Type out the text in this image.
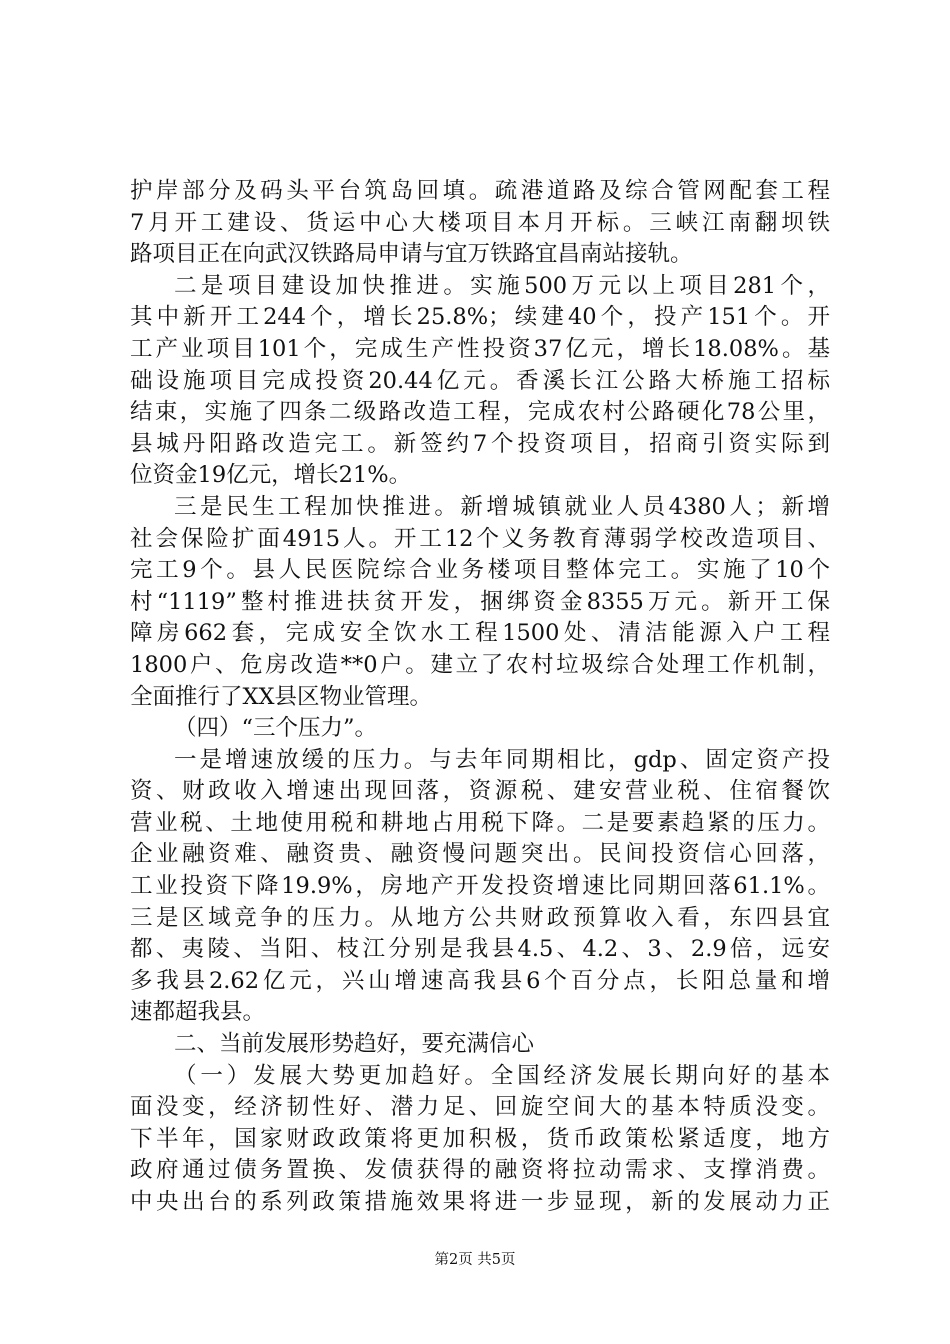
护岸部分及码头平台筑岛回填。疏港道路及综合管网配套工程
7月开工建设、货运中心大楼项目本月开标。三峡江南翻坝铁
路项目正在向武汉铁路局申请与宜万铁路宜昌南站接轨。
二是项目建设加快推进。实施500万元以上项目281个，
其中新开工244个，增长25.8%；续建40个，投产151个。开
工产业项目101个，完成生产性投资37亿元，增长18.08%。基
础设施项目完成投资20.44亿元。香溪长江公路大桥施工招标
结束，实施了四条二级路改造工程，完成农村公路硬化78公里，
县城丹阳路改造完工。新签约7个投资项目，招商引资实际到
位资金19亿元，增长21%。
三是民生工程加快推进。新增城镇就业人员4380人；新增
社会保险扩面4915人。开工12个义务教育薄弱学校改造项目、
完工9个。县人民医院综合业务楼项目整体完工。实施了10个
村“1119”整村推进扶贫开发，捆绑资金8355万元。新开工保
障房662套，完成安全饮水工程1500处、清洁能源入户工程
1800户、危房改造**0户。建立了农村垃圾综合处理工作机制，
全面推行了XX县区物业管理。
（四）“三个压力”。
一是增速放缓的压力。与去年同期相比，gdp、固定资产投
资、财政收入增速出现回落，资源税、建安营业税、住宿餐饮
营业税、土地使用税和耕地占用税下降。二是要素趋紧的压力。
企业融资难、融资贵、融资慢问题突出。民间投资信心回落，
工业投资下降19.9%，房地产开发投资增速比同期回落61.1%。
三是区域竞争的压力。从地方公共财政预算收入看，东四县宜
都、夷陵、当阳、枝江分别是我县4.5、4.2、3、2.9倍，远安
多我县2.62亿元，兴山增速高我县6个百分点，长阳总量和增
速都超我县。
二、当前发展形势趋好，要充满信心
（一）发展大势更加趋好。全国经济发展长期向好的基本
面没变，经济韧性好、潜力足、回旋空间大的基本特质没变。
下半年，国家财政政策将更加积极，货币政策松紧适度，地方
政府通过债务置换、发债获得的融资将拉动需求、支撑消费。
中央出台的系列政策措施效果将进一步显现，新的发展动力正
第2页 共5页
